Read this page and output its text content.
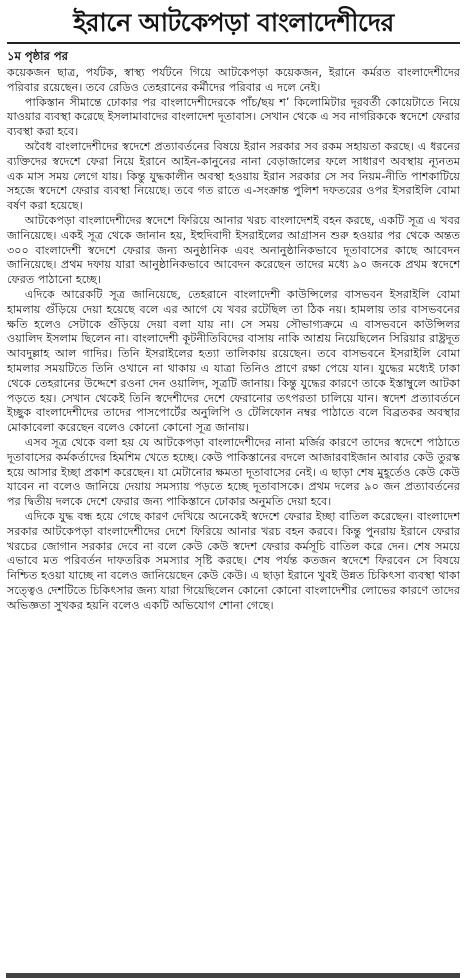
ইরানে আটকেপড়া বাংলাদেশীদের
১ম পৃষ্ঠার পর

কয়েকজন ছাত্র, পর্যটক, স্বাস্থ্য পর্যটনে গিয়ে আটকেপড়া কয়েকজন, ইরানে কর্মরত বাংলাদেশীদের পরিবার রয়েছেন। তবে রেডিও তেহরানের কর্মীদের পরিবার এ দলে নেই।

পাকিস্তান সীমান্তে ঢোকার পর বাংলাদেশীদেরকে পাঁচ/ছয় শ’ কিলোমিটার দূরবর্তী কোয়েটাতে নিয়ে যাওয়ার ব্যবস্থা করেছে ইসলামাবাদের বাংলাদেশ দূতাবাস। সেখান থেকে এ সব নাগরিককে স্বদেশে ফেরার ব্যবস্থা করা হবে।

অবৈধ বাংলাদেশীদের স্বদেশে প্রত্যাবর্তনের বিষয়ে ইরান সরকার সব রকম সহায়তা করছে। এ ধরনের ব্যক্তিদের স্বদেশে ফেরা নিয়ে ইরানে আইন-কানুনের নানা বেড়াজালের ফলে সাধারণ অবস্থায় ন্যূনতম এক মাস সময় লেগে যায়। কিন্তু যুদ্ধকালীন অবস্থা হওয়ায় ইরান সরকার সে সব নিয়ম-নীতি পাশকাটিয়ে সহজে স্বদেশে ফেরার ব্যবস্থা নিয়েছে। তবে গত রাতে এ-সংক্রান্ত পুলিশ দফতরের ওপর ইসরাইলি বোমা বর্ষণ করা হয়েছে।

আটকেপড়া বাংলাদেশীদের স্বদেশে ফিরিয়ে আনার খরচ বাংলাদেশই বহন করছে, একটি সূত্র এ খবর জানিয়েছে। একই সূত্র থেকে জানান হয়, ইহুদিবাদী ইসরাইলের আগ্রাসন শুরু হওয়ার পর থেকে অন্তত ৩০০ বাংলাদেশী স্বদেশে ফেরার জন্য অনুষ্ঠানিক এবং অনানুষ্ঠানিকভাবে দূতাবাসের কাছে আবেদন জানিয়েছে। প্রথম দফায় যারা আনুষ্ঠানিকভাবে আবেদন করেছেন তাদের মধ্যে ৯০ জনকে প্রথম স্বদেশে ফেরত পাঠানো হচ্ছে।

এদিকে আরেকটি সূত্র জানিয়েছে, তেহরানে বাংলাদেশী কাউন্সিলের বাসভবন ইসরাইলি বোমা হামলায় গুঁড়িয়ে দেয়া হয়েছে বলে এর আগে যে খবর রটেছিল তা ঠিক নয়। হামলায় তার বাসভবনের ক্ষতি হলেও সেটাকে গুঁড়িয়ে দেয়া বলা যায় না। সে সময় সৌভাগ্যক্রমে এ বাসভবনে কাউন্সিলর ওয়ালিদ ইসলাম ছিলেন না। বাংলাদেশী কূটনীতিবিদের বাসায় নাকি আশ্রয় নিয়েছিলেন সিরিয়ার রাষ্ট্রদূত আবদুল্লাহ আল গাদির। তিনি ইসরাইলের হত্যা তালিকায় রয়েছেন। তবে বাসভবনে ইসরাইলি বোমা হামলার সময়টিতে তিনি ওখানে না থাকায় এ যাত্রা তিনিও প্রাণে রক্ষা পেয়ে যান। যুদ্ধের মধ্যেই ঢাকা থেকে তেহরানের উদ্দেশে রওনা দেন ওয়ালিদ, সূত্রটি জানায়। কিন্তু যুদ্ধের কারণে তাকে ইস্তাম্বুলে আটকা পড়তে হয়। সেখান থেকেই তিনি স্বদেশীদের দেশে ফেরানোর তৎপরতা চালিয়ে যান। স্বদেশ প্রত্যাবর্তনে ইচ্ছুক বাংলাদেশীদের তাদের পাসপোর্টের অনুলিপি ও টেলিফোন নম্বর পাঠাতে বলে বিব্রতকর অবস্থার মোকাবেলা করেছেন বলেও কোনো কোনো সূত্র জানায়।

এসব সূত্র থেকে বলা হয় যে আটকেপড়া বাংলাদেশীদের নানা মর্জির কারণে তাদের স্বদেশে পাঠাতে দূতাবাসের কর্মকর্তাদের হিমশিম খেতে হচ্ছে। কেউ পাকিস্তানের বদলে আজারবাইজান আবার কেউ তুরস্ক হয়ে আসার ইচ্ছা প্রকাশ করেছেন। যা মেটানোর ক্ষমতা দূতাবাসের নেই। এ ছাড়া শেষ মুহূর্তেও কেউ কেউ যাবেন না বলেও জানিয়ে দেয়ায় সমস্যায় পড়তে হচ্ছে দূতাবাসকে। প্রথম দলের ৯০ জন প্রত্যাবর্তনের পর দ্বিতীয় দলকে দেশে ফেরার জন্য পাকিস্তানে ঢোকার অনুমতি দেয়া হবে।

এদিকে যুদ্ধ বন্ধ হয়ে গেছে কারণ দেখিয়ে অনেকেই স্বদেশে ফেরার ইচ্ছা বাতিল করেছেন। বাংলাদেশ সরকার আটকেপড়া বাংলাদেশীদের দেশে ফিরিয়ে আনার খরচ বহন করবে। কিন্তু পুনরায় ইরানে ফেরার খরচের জোগান সরকার দেবে না বলে কেউ কেউ স্বদেশ ফেরার কর্মসূচি বাতিল করে দেন। শেষ সময়ে এভাবে মত পরিবর্তন দাফতরিক সমস্যার সৃষ্টি করছে। শেষ পর্যন্ত কতজন স্বদেশে ফিরবেন সে বিষয়ে নিশ্চিত হওয়া যাচ্ছে না বলেও জানিয়েছেন কেউ কেউ। এ ছাড়া ইরানে খুবই উন্নত চিকিৎসা ব্যবস্থা থাকা সত্ত্বেও দেশটিতে চিকিৎসার জন্য যারা গিয়েছিলেন কোনো কোনো বাংলাদেশীর লোভের কারণে তাদের অভিজ্ঞতা সুখকর হয়নি বলেও একটি অভিযোগ শোনা গেছে।
